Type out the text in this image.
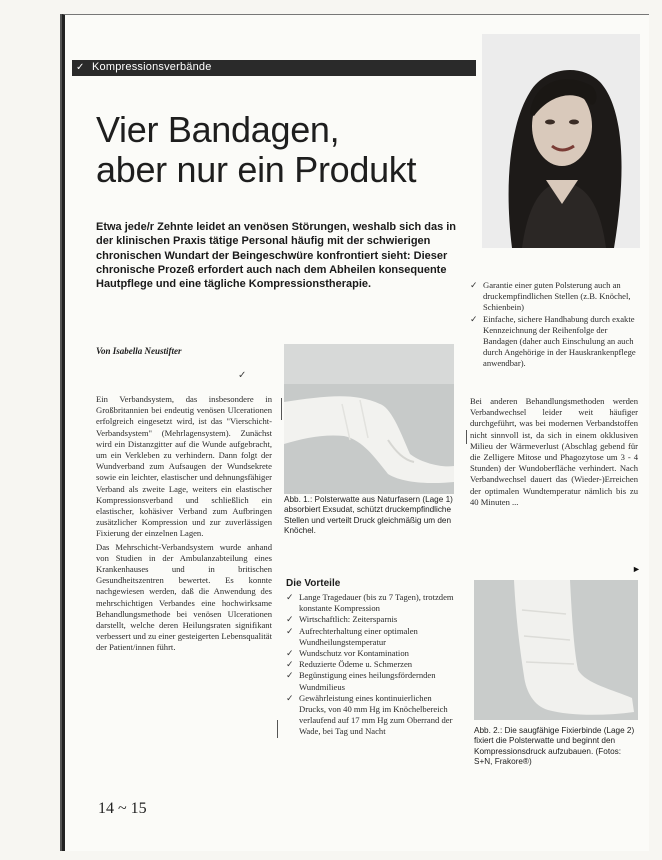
✓ Kompressionsverbände
Vier Bandagen,
aber nur ein Produkt

Etwa jede/r Zehnte leidet an venösen Störungen, weshalb sich das in der klinischen Praxis tätige Personal häufig mit der schwierigen chronischen Wundart der Beingeschwüre konfrontiert sieht: Dieser chronische Prozeß erfordert auch nach dem Abheilen konsequente Hautpflege und eine tägliche Kompressionstherapie.

Von Isabella Neustifter
✓

Ein Verbandsystem, das insbesondere in Großbritannien bei endeutig venösen Ulcerationen erfolgreich eingesetzt wird, ist das "Vierschicht-Verbandsystem" (Mehrlagensystem). Zunächst wird ein Distanzgitter auf die Wunde aufgebracht, um ein Verkleben zu verhindern. Dann folgt der Wundverband zum Aufsaugen der Wundsekrete sowie ein leichter, elastischer und dehnungsfähiger Verband als zweite Lage, weiters ein elastischer Kompressionsverband und schließlich ein elastischer, kohäsiver Verband zum Aufbringen zusätzlicher Kompression und zur zuverlässigen Fixierung der einzelnen Lagen.

Das Mehrschicht-Verbandsystem wurde anhand von Studien in der Ambulanzabteilung eines Krankenhauses und in britischen Gesundheitszentren bewertet. Es konnte nachgewiesen werden, daß die Anwendung des mehrschichtigen Verbandes eine hochwirksame Behandlungsmethode bei venösen Ulcerationen darstellt, welche deren Heilungsraten signifikant verbessert und zu einer gesteigerten Lebensqualität der Patient/innen führt.

Abb. 1.: Polsterwatte aus Naturfasern (Lage 1) absorbiert Exsudat, schützt druckempfindliche Stellen und verteilt Druck gleichmäßig um den Knöchel.
Die Vorteile
✓ Lange Tragedauer (bis zu 7 Tagen), trotzdem konstante Kompression
✓ Wirtschaftlich: Zeitersparnis
✓ Aufrechterhaltung einer optimalen Wundheilungstemperatur
✓ Wundschutz vor Kontamination
✓ Reduzierte Ödeme u. Schmerzen
✓ Begünstigung eines heilungsfördernden Wundmilieus
✓ Gewährleistung eines kontinuierlichen Drucks, von 40 mm Hg im Knöchelbereich verlaufend auf 17 mm Hg zum Oberrand der Wade, bei Tag und Nacht
✓ Garantie einer guten Polsterung auch an druckempfindlichen Stellen (z.B. Knöchel, Schienbein)
✓ Einfache, sichere Handhabung durch exakte Kennzeichnung der Reihenfolge der Bandagen (daher auch Einschulung an auch durch Angehörige in der Hauskrankenpflege anwendbar).

Bei anderen Behandlungsmethoden werden Verbandwechsel leider weit häufiger durchgeführt, was bei modernen Verbandstoffen nicht sinnvoll ist, da sich in einem okklusiven Milieu der Wärmeverlust (Abschlag gebend für die Zelligere Mitose und Phagozytose um 3 - 4 Stunden) der Wundoberfläche verhindert. Nach Verbandwechsel dauert das (Wieder-)Erreichen der optimalen Wundtemperatur nämlich bis zu 40 Minuten ...

►
Abb. 2.: Die saugfähige Fixierbinde (Lage 2) fixiert die Polsterwatte und beginnt den Kompressionsdruck aufzubauen. (Fotos: S+N, Frakore®)
14 ~ 15
